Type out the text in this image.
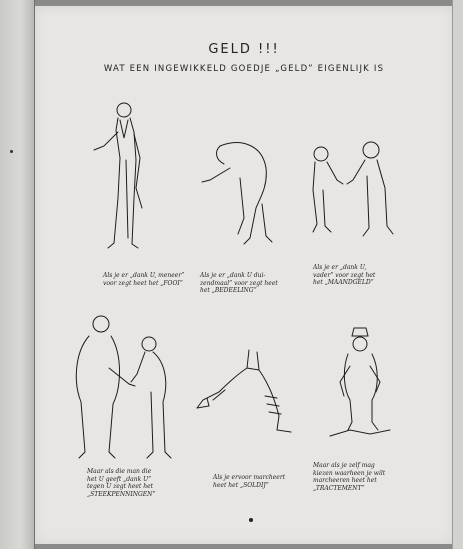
GELD !!!
WAT EEN INGEWIKKELD GOEDJE „GELD” EIGENLIJK IS
Als je er „dank U, meneer”
voor zegt heet het „FOOI”
Als je er „dank U dui-
zendmaal” voor zegt heet
het „BEDEELING”
Als je er „dank U,
vader” voor zegt het
het „MAANDGELD”
Maar als die man die
het U geeft „dank U”
tegen U zegt heet het
„STEEKPENNINGEN”
Als je ervoor marcheert
heet het „SOLDIJ”
Maar als je zelf mag
kiezen waarheen je wilt
marcheeren heet het
„TRACTEMENT”
